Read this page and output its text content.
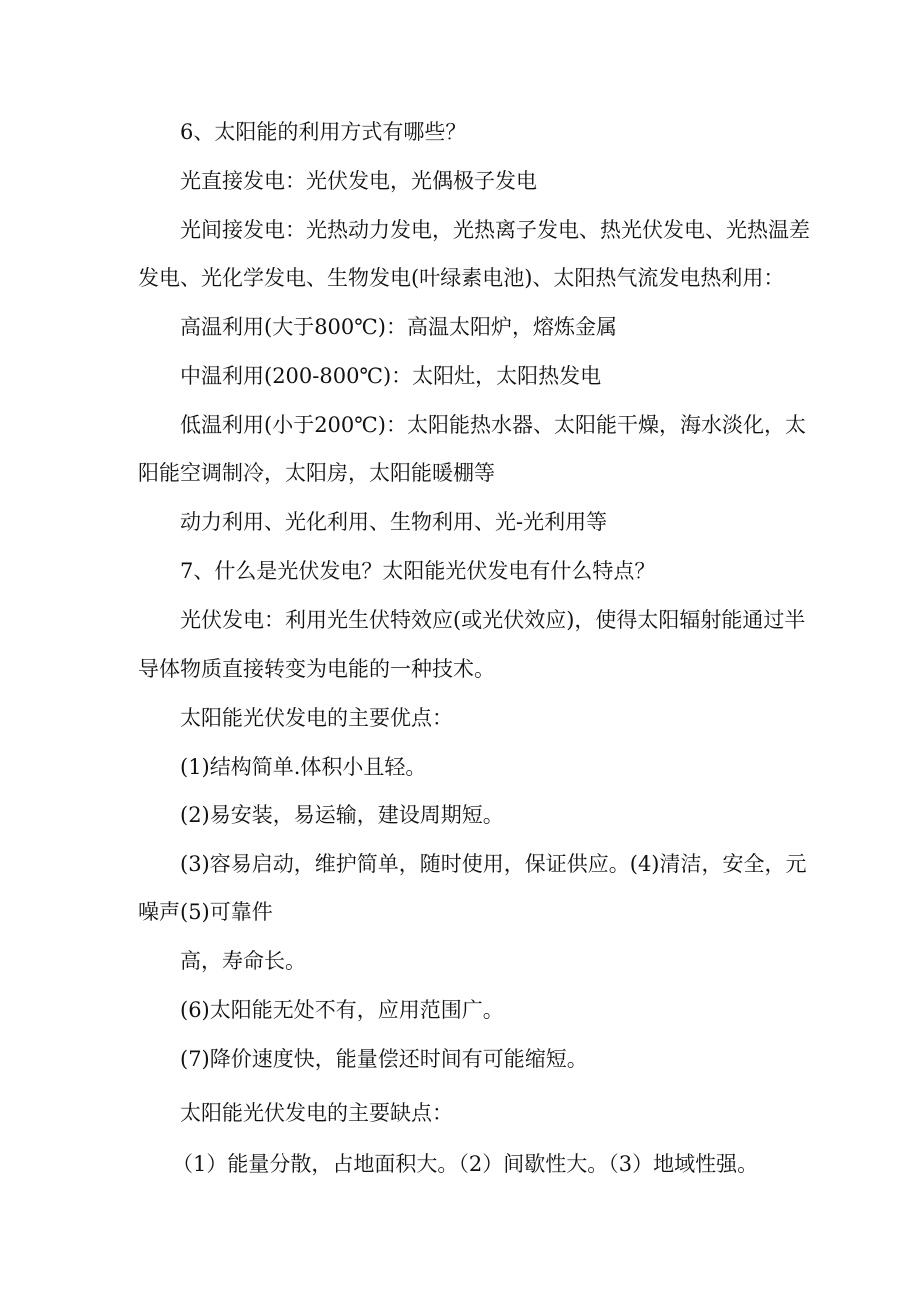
6、太阳能的利用方式有哪些？
光直接发电：光伏发电，光偶极子发电
光间接发电：光热动力发电，光热离子发电、热光伏发电、光热温差
发电、光化学发电、生物发电(叶绿素电池)、太阳热气流发电热利用：
高温利用(大于800℃)：高温太阳炉，熔炼金属
中温利用(200-800℃)：太阳灶，太阳热发电
低温利用(小于200℃)：太阳能热水器、太阳能干燥，海水淡化，太
阳能空调制冷，太阳房，太阳能暖棚等
动力利用、光化利用、生物利用、光-光利用等
7、什么是光伏发电？太阳能光伏发电有什么特点？
光伏发电：利用光生伏特效应(或光伏效应)，使得太阳辐射能通过半
导体物质直接转变为电能的一种技术。
太阳能光伏发电的主要优点：
(1)结构简单.体积小且轻。
(2)易安装，易运输，建设周期短。
(3)容易启动，维护简单，随时使用，保证供应。(4)清洁，安全，元
噪声(5)可靠件
高，寿命长。
(6)太阳能无处不有，应用范围广。
(7)降价速度快，能量偿还时间有可能缩短。
太阳能光伏发电的主要缺点：
（1）能量分散，占地面积大。（2）间歇性大。（3）地域性强。
